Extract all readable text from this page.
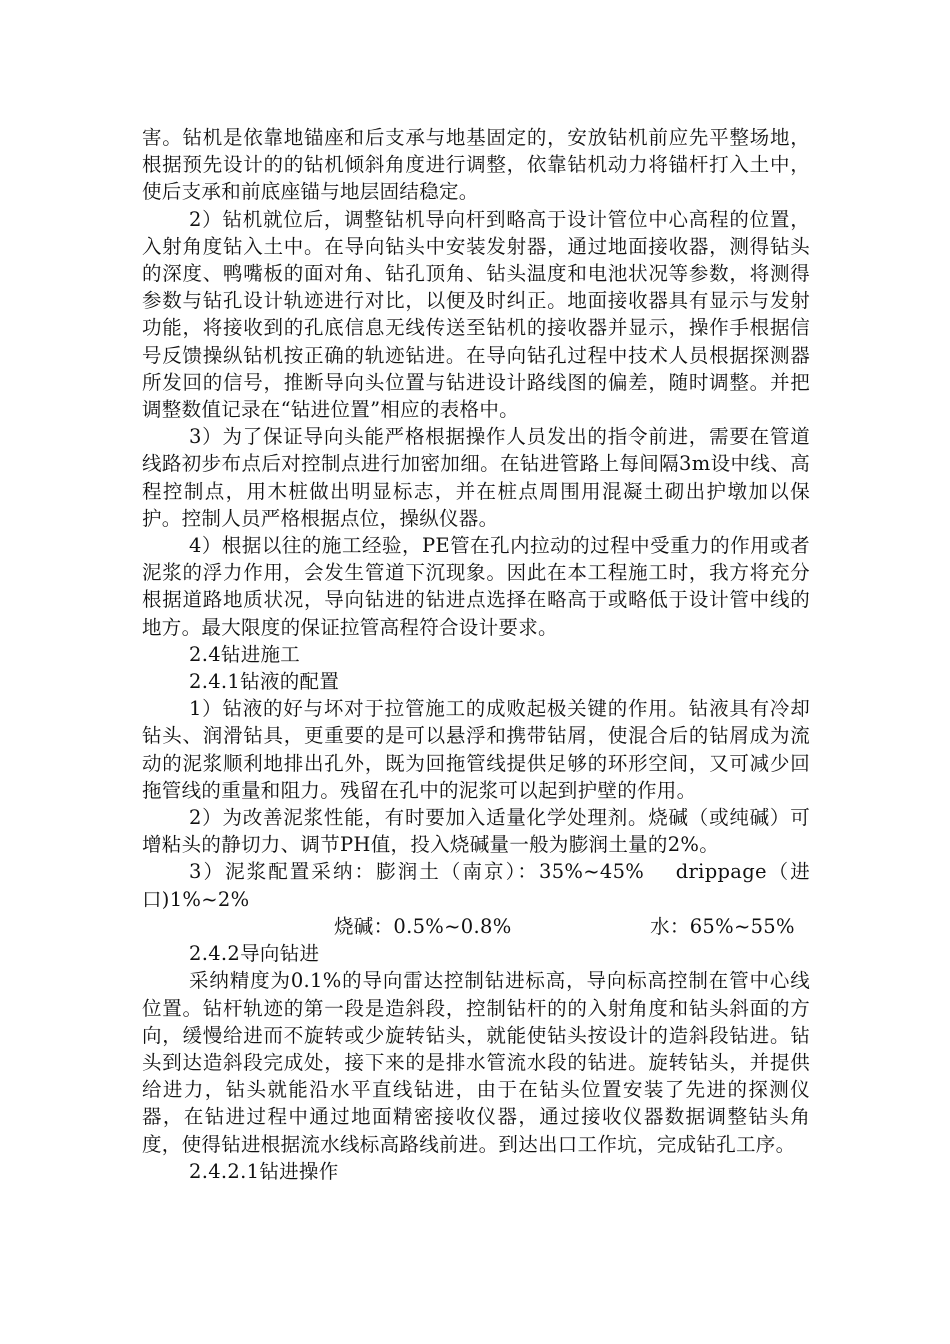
害。钻机是依靠地锚座和后支承与地基固定的，安放钻机前应先平整场地，根据预先设计的的钻机倾斜角度进行调整，依靠钻机动力将锚杆打入土中，使后支承和前底座锚与地层固结稳定。

2）钻机就位后，调整钻机导向杆到略高于设计管位中心高程的位置，入射角度钻入土中。在导向钻头中安装发射器，通过地面接收器，测得钻头的深度、鸭嘴板的面对角、钻孔顶角、钻头温度和电池状况等参数，将测得参数与钻孔设计轨迹进行对比，以便及时纠正。地面接收器具有显示与发射功能，将接收到的孔底信息无线传送至钻机的接收器并显示，操作手根据信号反馈操纵钻机按正确的轨迹钻进。在导向钻孔过程中技术人员根据探测器所发回的信号，推断导向头位置与钻进设计路线图的偏差，随时调整。并把调整数值记录在“钻进位置”相应的表格中。

3）为了保证导向头能严格根据操作人员发出的指令前进，需要在管道线路初步布点后对控制点进行加密加细。在钻进管路上每间隔3m设中线、高程控制点，用木桩做出明显标志，并在桩点周围用混凝土砌出护墩加以保护。控制人员严格根据点位，操纵仪器。

4）根据以往的施工经验，PE管在孔内拉动的过程中受重力的作用或者泥浆的浮力作用，会发生管道下沉现象。因此在本工程施工时，我方将充分根据道路地质状况，导向钻进的钻进点选择在略高于或略低于设计管中线的地方。最大限度的保证拉管高程符合设计要求。

2.4钻进施工

2.4.1钻液的配置

1）钻液的好与坏对于拉管施工的成败起极关键的作用。钻液具有冷却钻头、润滑钻具，更重要的是可以悬浮和携带钻屑，使混合后的钻屑成为流动的泥浆顺利地排出孔外，既为回拖管线提供足够的环形空间，又可减少回拖管线的重量和阻力。残留在孔中的泥浆可以起到护壁的作用。

2）为改善泥浆性能，有时要加入适量化学处理剂。烧碱（或纯碱）可增粘头的静切力、调节PH值，投入烧碱量一般为膨润土量的2%。

3）泥浆配置采纳：膨润土（南京）：35%~45%　 drippage（进口)1%~2%

烧碱：0.5%~0.8%　　　　　　　水：65%~55%

2.4.2导向钻进

采纳精度为0.1%的导向雷达控制钻进标高，导向标高控制在管中心线位置。钻杆轨迹的第一段是造斜段，控制钻杆的的入射角度和钻头斜面的方向，缓慢给进而不旋转或少旋转钻头，就能使钻头按设计的造斜段钻进。钻头到达造斜段完成处，接下来的是排水管流水段的钻进。旋转钻头，并提供给进力，钻头就能沿水平直线钻进，由于在钻头位置安装了先进的探测仪器，在钻进过程中通过地面精密接收仪器，通过接收仪器数据调整钻头角度，使得钻进根据流水线标高路线前进。到达出口工作坑，完成钻孔工序。

2.4.2.1钻进操作
